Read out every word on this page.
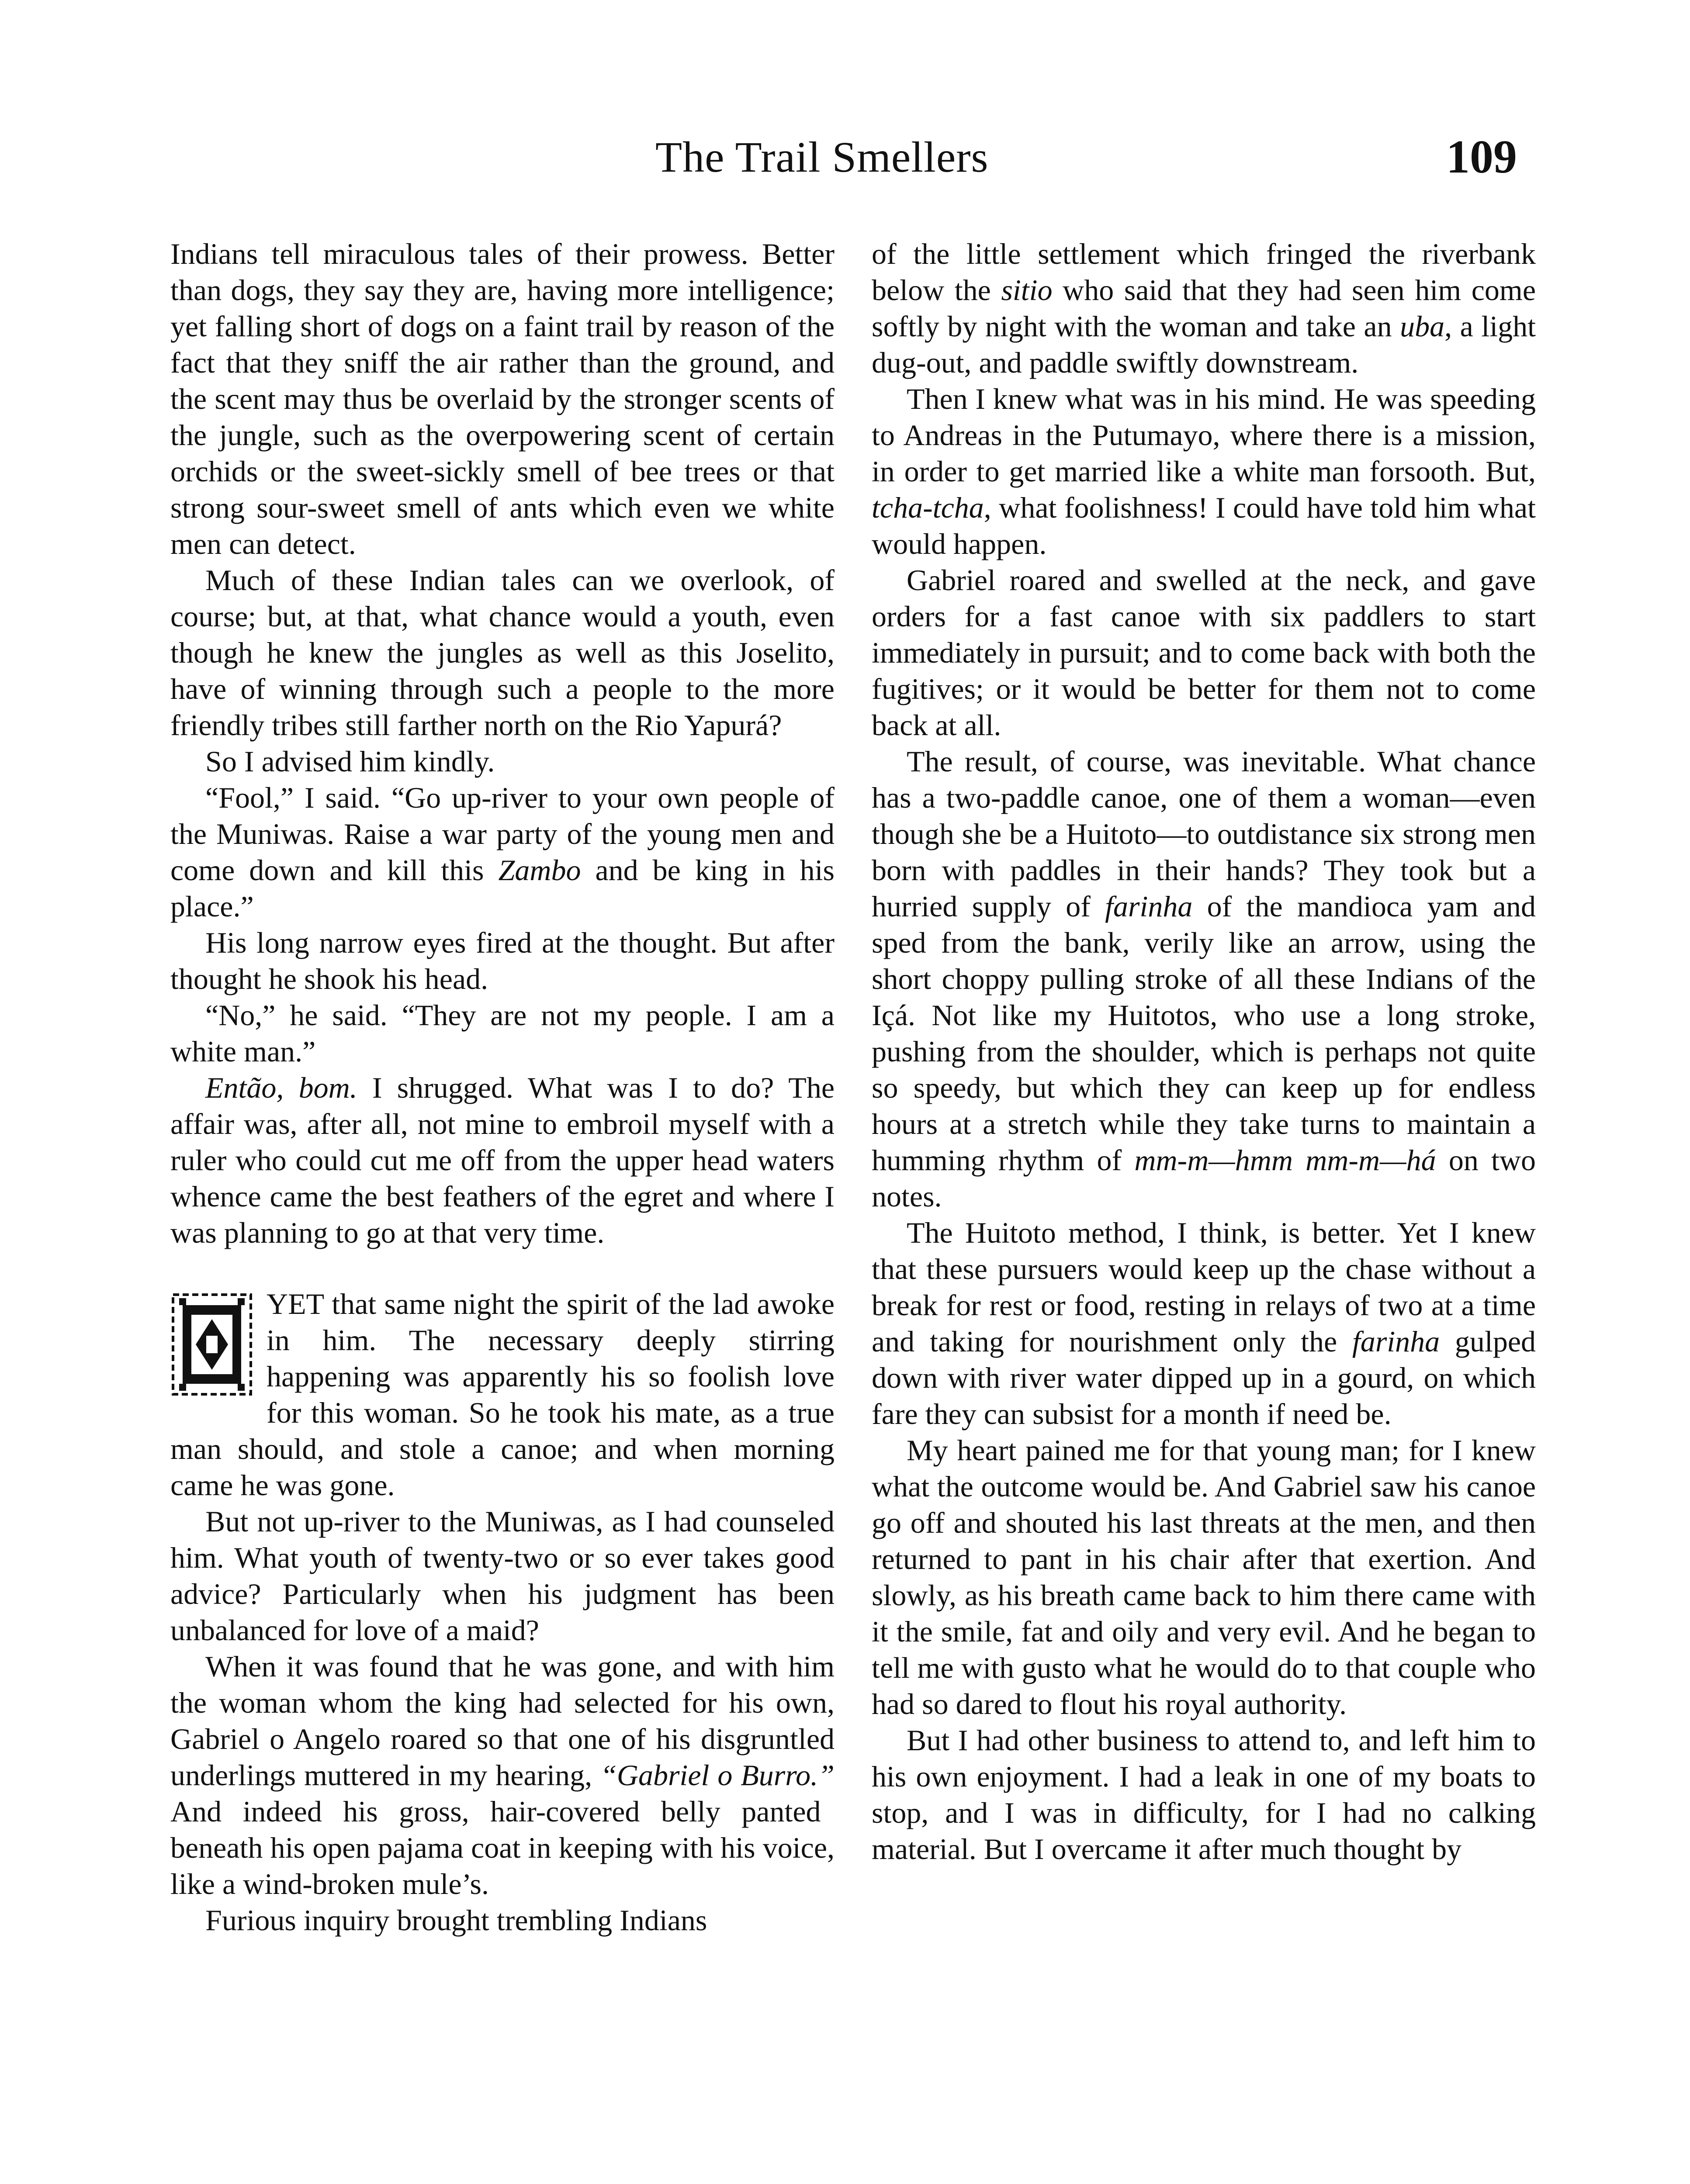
The Trail Smellers	109

Indians tell miraculous tales of their prowess. Better than dogs, they say they are, having more intelligence; yet falling short of dogs on a faint trail by reason of the fact that they sniff the air rather than the ground, and the scent may thus be overlaid by the stronger scents of the jungle, such as the overpowering scent of certain orchids or the sweet-sickly smell of bee trees or that strong sour-sweet smell of ants which even we white men can detect.

Much of these Indian tales can we overlook, of course; but, at that, what chance would a youth, even though he knew the jungles as well as this Joselito, have of winning through such a people to the more friendly tribes still farther north on the Rio Yapurá?

So I advised him kindly.

“Fool,” I said. “Go up-river to your own people of the Muniwas. Raise a war party of the young men and come down and kill this Zambo and be king in his place.”

His long narrow eyes fired at the thought. But after thought he shook his head.

“No,” he said. “They are not my people. I am a white man.”

Então, bom. I shrugged. What was I to do? The affair was, after all, not mine to embroil myself with a ruler who could cut me off from the upper head waters whence came the best feathers of the egret and where I was planning to go at that very time.

YET that same night the spirit of the lad awoke in him. The necessary deeply stirring happening was apparently his so foolish love for this woman. So he took his mate, as a true man should, and stole a canoe; and when morning came he was gone.

But not up-river to the Muniwas, as I had counseled him. What youth of twenty-two or so ever takes good advice? Particularly when his judgment has been unbalanced for love of a maid?

When it was found that he was gone, and with him the woman whom the king had selected for his own, Gabriel o Angelo roared so that one of his disgruntled underlings muttered in my hearing, “Gabriel o Burro.” And indeed his gross, hair-covered belly panted beneath his open pajama coat in keeping with his voice, like a wind-broken mule’s.

Furious inquiry brought trembling Indians

of the little settlement which fringed the riverbank below the sitio who said that they had seen him come softly by night with the woman and take an uba, a light dug-out, and paddle swiftly downstream.

Then I knew what was in his mind. He was speeding to Andreas in the Putumayo, where there is a mission, in order to get married like a white man forsooth. But, tcha-tcha, what foolishness! I could have told him what would happen.

Gabriel roared and swelled at the neck, and gave orders for a fast canoe with six paddlers to start immediately in pursuit; and to come back with both the fugitives; or it would be better for them not to come back at all.

The result, of course, was inevitable. What chance has a two-paddle canoe, one of them a woman—even though she be a Huitoto—to outdistance six strong men born with paddles in their hands? They took but a hurried supply of farinha of the mandioca yam and sped from the bank, verily like an arrow, using the short choppy pulling stroke of all these Indians of the Içá. Not like my Huitotos, who use a long stroke, pushing from the shoulder, which is perhaps not quite so speedy, but which they can keep up for endless hours at a stretch while they take turns to maintain a humming rhythm of mm-m—hmm mm-m—há on two notes.

The Huitoto method, I think, is better. Yet I knew that these pursuers would keep up the chase without a break for rest or food, resting in relays of two at a time and taking for nourishment only the farinha gulped down with river water dipped up in a gourd, on which fare they can subsist for a month if need be.

My heart pained me for that young man; for I knew what the outcome would be. And Gabriel saw his canoe go off and shouted his last threats at the men, and then returned to pant in his chair after that exertion. And slowly, as his breath came back to him there came with it the smile, fat and oily and very evil. And he began to tell me with gusto what he would do to that couple who had so dared to flout his royal authority.

But I had other business to attend to, and left him to his own enjoyment. I had a leak in one of my boats to stop, and I was in difficulty, for I had no calking material. But I overcame it after much thought by
